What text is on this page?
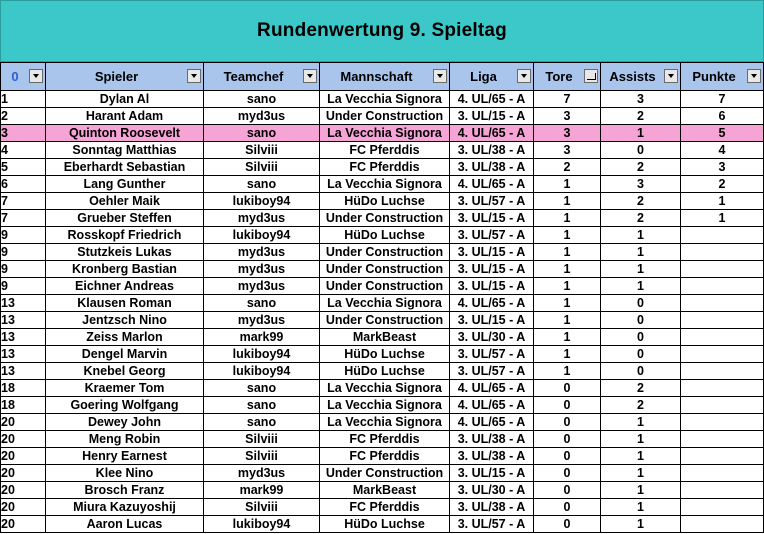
Rundenwertung 9. Spieltag
0	Spieler	Teamchef	Mannschaft	Liga	Tore	Assists	Punkte

1	Dylan Al	sano	La Vecchia Signora	4. UL/65 - A	7	3	7
2	Harant Adam	myd3us	Under Construction	3. UL/15 - A	3	2	6
3	Quinton Roosevelt	sano	La Vecchia Signora	4. UL/65 - A	3	1	5
4	Sonntag Matthias	Silviii	FC Pferddis	3. UL/38 - A	3	0	4
5	Eberhardt Sebastian	Silviii	FC Pferddis	3. UL/38 - A	2	2	3
6	Lang Gunther	sano	La Vecchia Signora	4. UL/65 - A	1	3	2
7	Oehler Maik	lukiboy94	HüDo Luchse	3. UL/57 - A	1	2	1
7	Grueber Steffen	myd3us	Under Construction	3. UL/15 - A	1	2	1
9	Rosskopf Friedrich	lukiboy94	HüDo Luchse	3. UL/57 - A	1	1	
9	Stutzkeis Lukas	myd3us	Under Construction	3. UL/15 - A	1	1	
9	Kronberg Bastian	myd3us	Under Construction	3. UL/15 - A	1	1	
9	Eichner Andreas	myd3us	Under Construction	3. UL/15 - A	1	1	
13	Klausen Roman	sano	La Vecchia Signora	4. UL/65 - A	1	0	
13	Jentzsch Nino	myd3us	Under Construction	3. UL/15 - A	1	0	
13	Zeiss Marlon	mark99	MarkBeast	3. UL/30 - A	1	0	
13	Dengel Marvin	lukiboy94	HüDo Luchse	3. UL/57 - A	1	0	
13	Knebel Georg	lukiboy94	HüDo Luchse	3. UL/57 - A	1	0	
18	Kraemer Tom	sano	La Vecchia Signora	4. UL/65 - A	0	2	
18	Goering Wolfgang	sano	La Vecchia Signora	4. UL/65 - A	0	2	
20	Dewey John	sano	La Vecchia Signora	4. UL/65 - A	0	1	
20	Meng Robin	Silviii	FC Pferddis	3. UL/38 - A	0	1	
20	Henry Earnest	Silviii	FC Pferddis	3. UL/38 - A	0	1	
20	Klee Nino	myd3us	Under Construction	3. UL/15 - A	0	1	
20	Brosch Franz	mark99	MarkBeast	3. UL/30 - A	0	1	
20	Miura Kazuyoshij	Silviii	FC Pferddis	3. UL/38 - A	0	1	
20	Aaron Lucas	lukiboy94	HüDo Luchse	3. UL/57 - A	0	1	
